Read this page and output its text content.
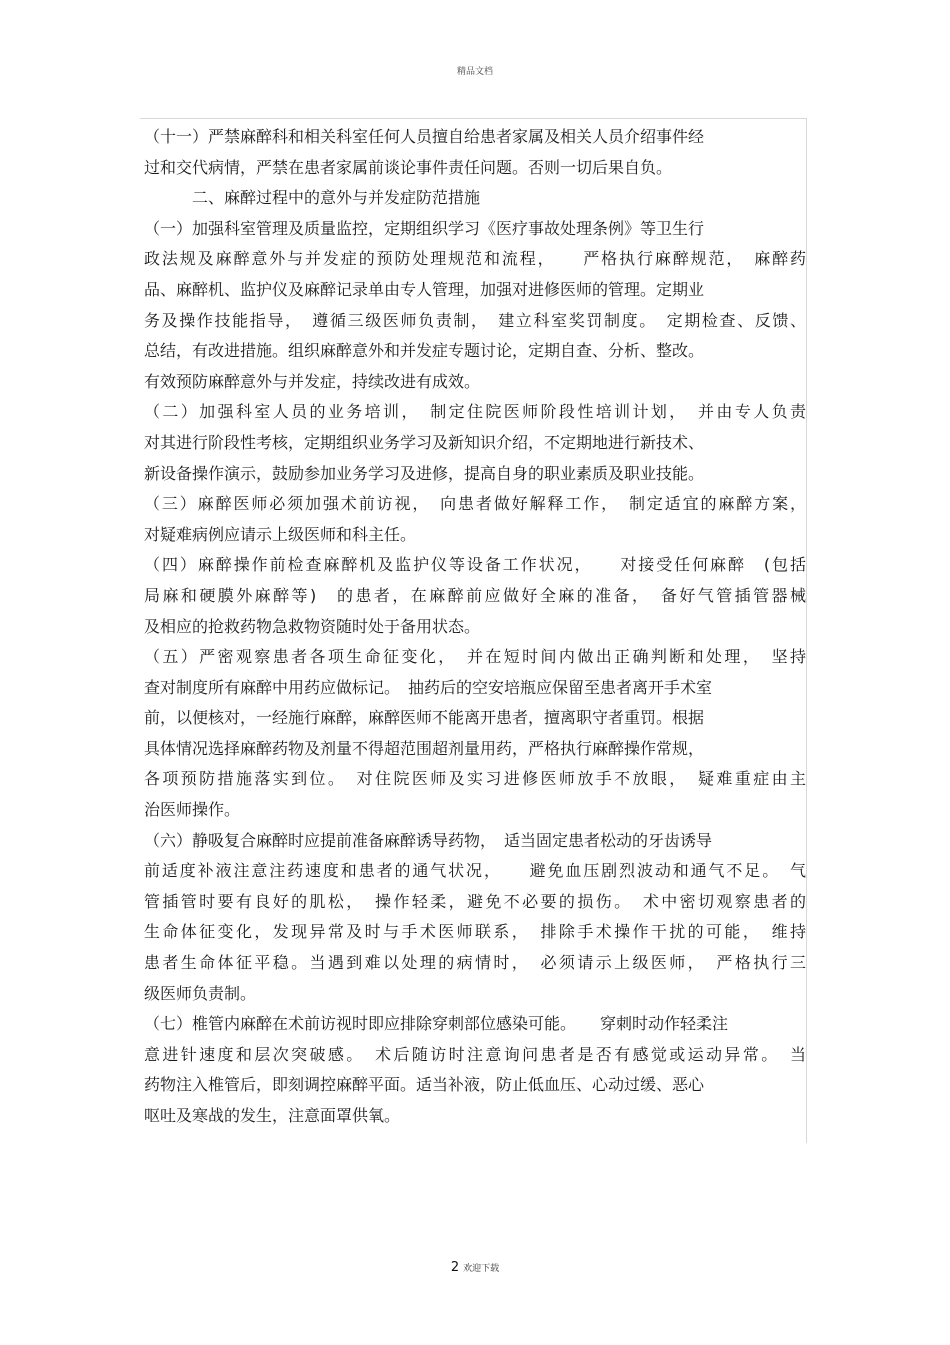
精品文档
（十一）严禁麻醉科和相关科室任何人员擅自给患者家属及相关人员介绍事件经
过和交代病情，严禁在患者家属前谈论事件责任问题。否则一切后果自负。
　　　二、麻醉过程中的意外与并发症防范措施
（一）加强科室管理及质量监控，定期组织学习《医疗事故处理条例》等卫生行
政法规及麻醉意外与并发症的预防处理规范和流程，　　严格执行麻醉规范，　麻醉药
品、麻醉机、监护仪及麻醉记录单由专人管理，加强对进修医师的管理。定期业
务及操作技能指导，　遵循三级医师负责制，　建立科室奖罚制度。　定期检查、反馈、
总结，有改进措施。组织麻醉意外和并发症专题讨论，定期自查、分析、整改。
有效预防麻醉意外与并发症，持续改进有成效。
（二）加强科室人员的业务培训，　制定住院医师阶段性培训计划，　并由专人负责
对其进行阶段性考核，定期组织业务学习及新知识介绍，不定期地进行新技术、
新设备操作演示，鼓励参加业务学习及进修，提高自身的职业素质及职业技能。
（三）麻醉医师必须加强术前访视，　向患者做好解释工作，　制定适宜的麻醉方案，
对疑难病例应请示上级医师和科主任。
（四）麻醉操作前检查麻醉机及监护仪等设备工作状况，　　对接受任何麻醉　(包括
局麻和硬膜外麻醉等)　的患者，在麻醉前应做好全麻的准备，　备好气管插管器械
及相应的抢救药物急救物资随时处于备用状态。
（五）严密观察患者各项生命征变化，　并在短时间内做出正确判断和处理，　坚持
查对制度所有麻醉中用药应做标记。　抽药后的空安培瓶应保留至患者离开手术室
前，以便核对，一经施行麻醉，麻醉医师不能离开患者，擅离职守者重罚。根据
具体情况选择麻醉药物及剂量不得超范围超剂量用药，严格执行麻醉操作常规，
各项预防措施落实到位。　对住院医师及实习进修医师放手不放眼，　疑难重症由主
治医师操作。
（六）静吸复合麻醉时应提前准备麻醉诱导药物，　适当固定患者松动的牙齿诱导
前适度补液注意注药速度和患者的通气状况，　　避免血压剧烈波动和通气不足。　气
管插管时要有良好的肌松，　操作轻柔，避免不必要的损伤。　术中密切观察患者的
生命体征变化，发现异常及时与手术医师联系，　排除手术操作干扰的可能，　维持
患者生命体征平稳。当遇到难以处理的病情时，　必须请示上级医师，　严格执行三
级医师负责制。
（七）椎管内麻醉在术前访视时即应排除穿刺部位感染可能。　　穿刺时动作轻柔注
意进针速度和层次突破感。　术后随访时注意询问患者是否有感觉或运动异常。　当
药物注入椎管后，即刻调控麻醉平面。适当补液，防止低血压、心动过缓、恶心
呕吐及寒战的发生，注意面罩供氧。
2 欢迎下载
